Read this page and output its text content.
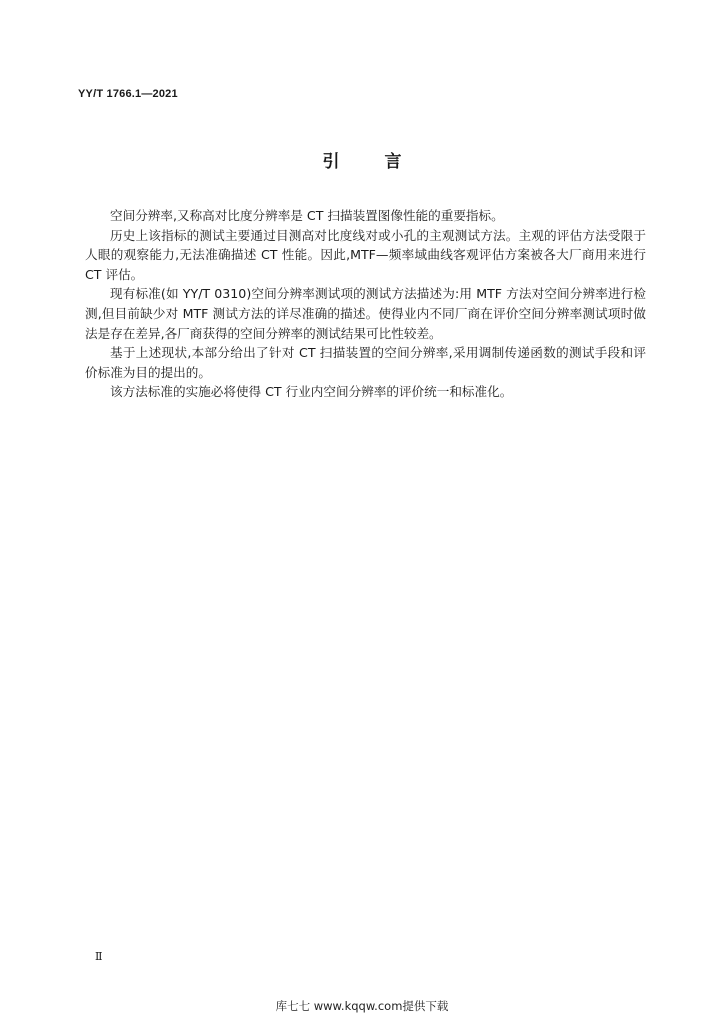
YY/T 1766.1—2021
引言

空间分辨率,又称高对比度分辨率是 CT 扫描装置图像性能的重要指标。

历史上该指标的测试主要通过目测高对比度线对或小孔的主观测试方法。主观的评估方法受限于人眼的观察能力,无法准确描述 CT 性能。因此,MTF—频率域曲线客观评估方案被各大厂商用来进行 CT 评估。

现有标准(如 YY/T 0310)空间分辨率测试项的测试方法描述为:用 MTF 方法对空间分辨率进行检测,但目前缺少对 MTF 测试方法的详尽准确的描述。使得业内不同厂商在评价空间分辨率测试项时做法是存在差异,各厂商获得的空间分辨率的测试结果可比性较差。

基于上述现状,本部分给出了针对 CT 扫描装置的空间分辨率,采用调制传递函数的测试手段和评价标准为目的提出的。

该方法标准的实施必将使得 CT 行业内空间分辨率的评价统一和标准化。

Ⅱ
库七七 www.kqqw.com提供下载
